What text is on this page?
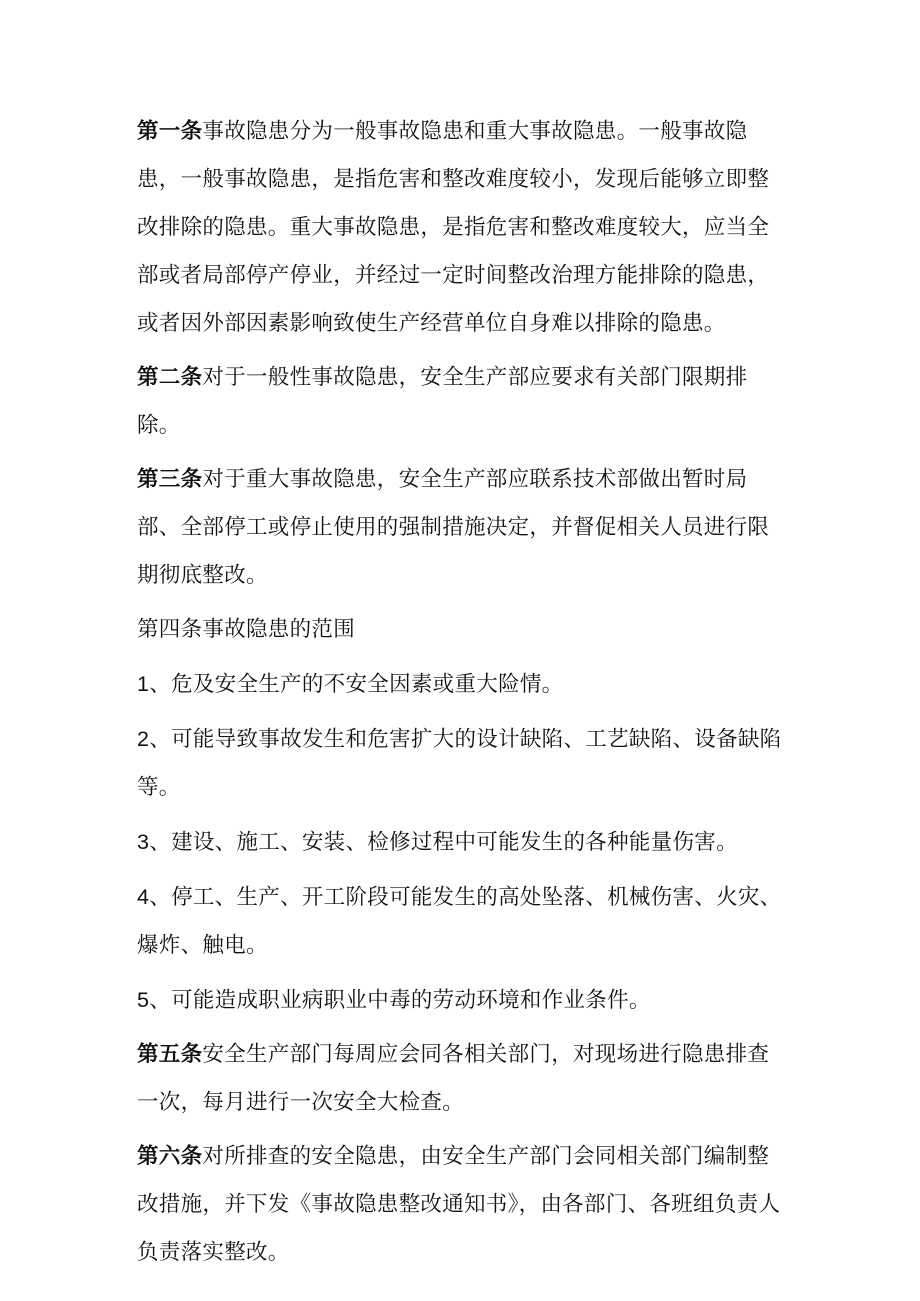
第一条事故隐患分为一般事故隐患和重大事故隐患。一般事故隐患，一般事故隐患，是指危害和整改难度较小，发现后能够立即整改排除的隐患。重大事故隐患，是指危害和整改难度较大，应当全部或者局部停产停业，并经过一定时间整改治理方能排除的隐患，或者因外部因素影响致使生产经营单位自身难以排除的隐患。

第二条对于一般性事故隐患，安全生产部应要求有关部门限期排除。

第三条对于重大事故隐患，安全生产部应联系技术部做出暂时局部、全部停工或停止使用的强制措施决定，并督促相关人员进行限期彻底整改。

第四条事故隐患的范围

1、危及安全生产的不安全因素或重大险情。

2、可能导致事故发生和危害扩大的设计缺陷、工艺缺陷、设备缺陷等。

3、建设、施工、安装、检修过程中可能发生的各种能量伤害。

4、停工、生产、开工阶段可能发生的高处坠落、机械伤害、火灾、爆炸、触电。

5、可能造成职业病职业中毒的劳动环境和作业条件。

第五条安全生产部门每周应会同各相关部门，对现场进行隐患排查一次，每月进行一次安全大检查。

第六条对所排查的安全隐患，由安全生产部门会同相关部门编制整改措施，并下发《事故隐患整改通知书》，由各部门、各班组负责人负责落实整改。
